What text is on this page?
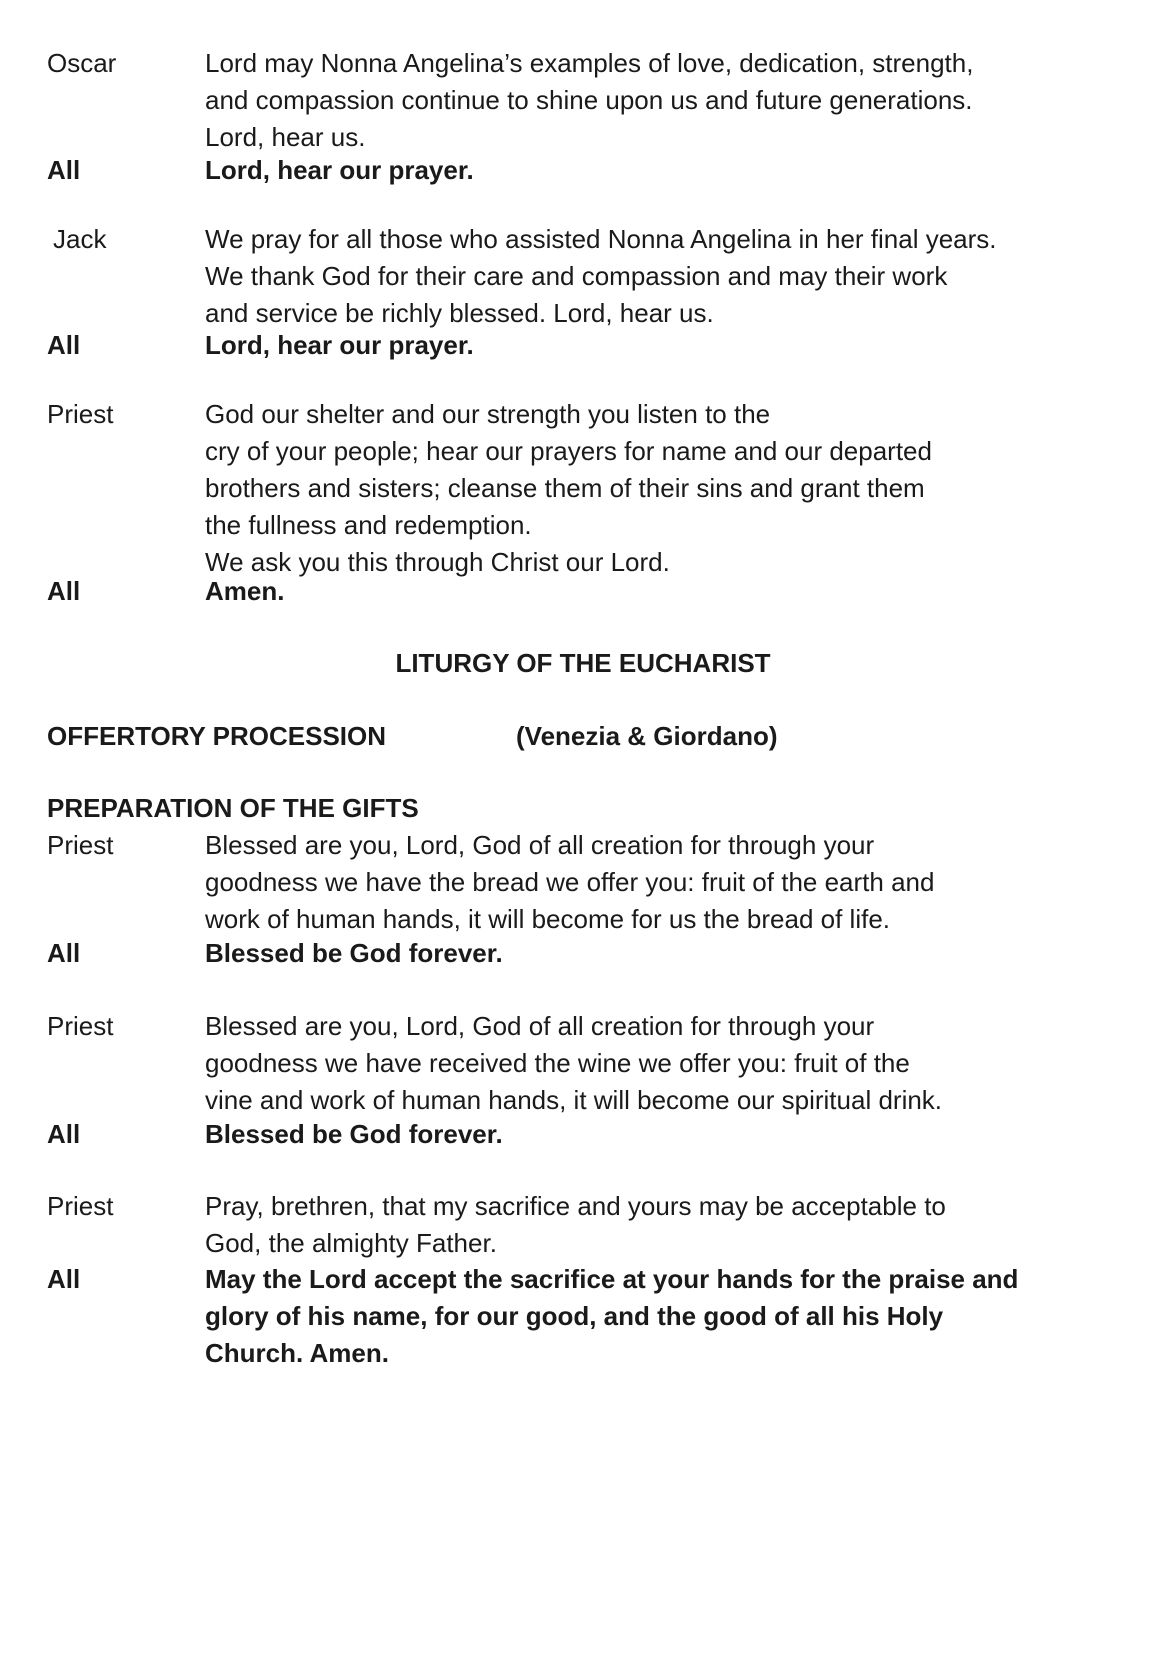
Oscar	Lord may Nonna Angelina’s examples of love, dedication, strength,
and compassion continue to shine upon us and future generations.
Lord, hear us.
All	Lord, hear our prayer.
Jack	We pray for all those who assisted Nonna Angelina in her final years.
We thank God for their care and compassion and may their work
and service be richly blessed. Lord, hear us.
All	Lord, hear our prayer.
Priest	God our shelter and our strength you listen to the
cry of your people; hear our prayers for name and our departed
brothers and sisters; cleanse them of their sins and grant them
the fullness and redemption.
We ask you this through Christ our Lord.
All	Amen.
LITURGY OF THE EUCHARIST
OFFERTORY PROCESSION	(Venezia & Giordano)
PREPARATION OF THE GIFTS
Priest	Blessed are you, Lord, God of all creation for through your
goodness we have the bread we offer you: fruit of the earth and
work of human hands, it will become for us the bread of life.
All	Blessed be God forever.
Priest	Blessed are you, Lord, God of all creation for through your
goodness we have received the wine we offer you: fruit of the
vine and work of human hands, it will become our spiritual drink.
All	Blessed be God forever.
Priest	Pray, brethren, that my sacrifice and yours may be acceptable to
God, the almighty Father.
All	May the Lord accept the sacrifice at your hands for the praise and
glory of his name, for our good, and the good of all his Holy
Church. Amen.
